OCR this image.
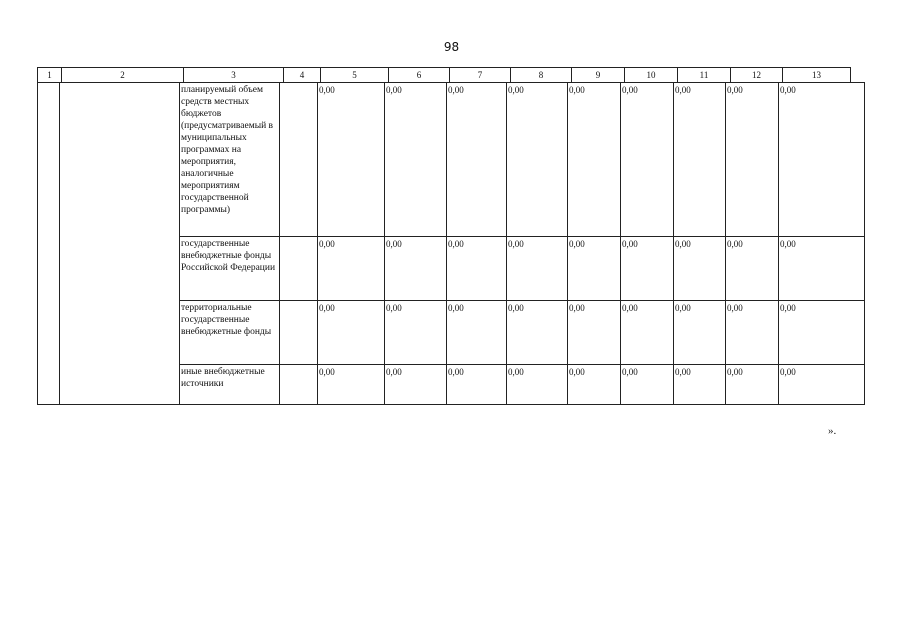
98
1	2	3	4	5	6	7	8	9	10	11	12	13
		планируемый объем средств местных бюджетов (предусматриваемый в муниципальных программах на мероприятия, аналогичные мероприятиям государственной программы)		0,00	0,00	0,00	0,00	0,00	0,00	0,00	0,00	0,00
		государственные внебюджетные фонды Российской Федерации		0,00	0,00	0,00	0,00	0,00	0,00	0,00	0,00	0,00
		территориальные государственные внебюджетные фонды		0,00	0,00	0,00	0,00	0,00	0,00	0,00	0,00	0,00
		иные внебюджетные источники		0,00	0,00	0,00	0,00	0,00	0,00	0,00	0,00	0,00
».
